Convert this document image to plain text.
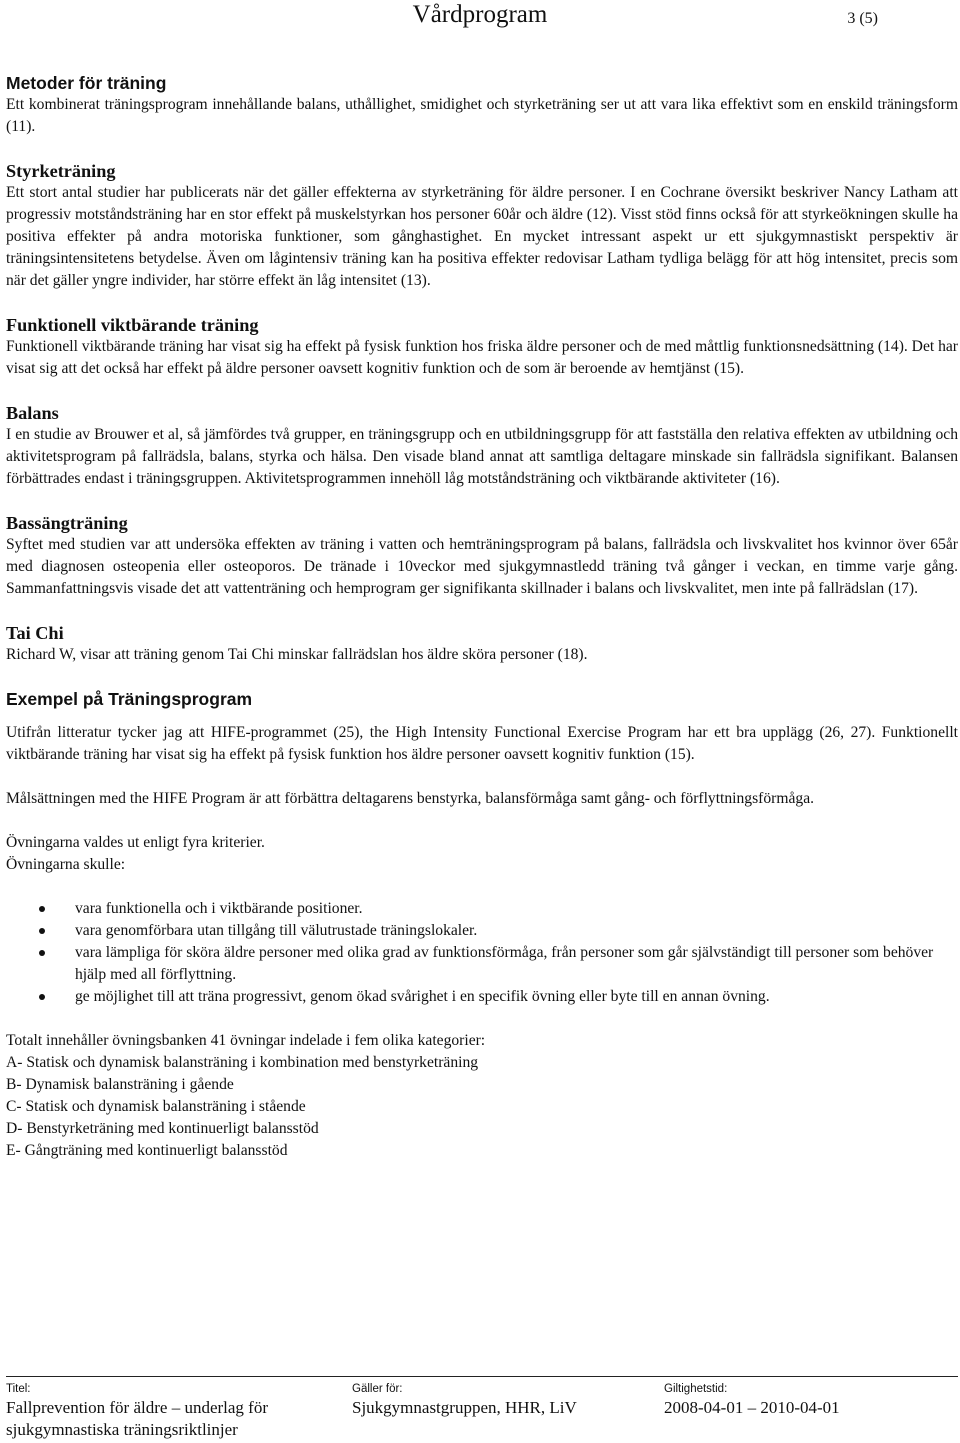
Vårdprogram	3 (5)
Metoder för träning

Ett kombinerat träningsprogram innehållande balans, uthållighet, smidighet och styrketräning ser ut att vara lika effektivt som en enskild träningsform (11).

Styrketräning

Ett stort antal studier har publicerats när det gäller effekterna av styrketräning för äldre personer. I en Cochrane översikt beskriver Nancy Latham att progressiv motståndsträning har en stor effekt på muskelstyrkan hos personer 60år och äldre (12). Visst stöd finns också för att styrkeökningen skulle ha positiva effekter på andra motoriska funktioner, som gånghastighet. En mycket intressant aspekt ur ett sjukgymnastiskt perspektiv är träningsintensitetens betydelse. Även om lågintensiv träning kan ha positiva effekter redovisar Latham tydliga belägg för att hög intensitet, precis som när det gäller yngre individer, har större effekt än låg intensitet (13).

Funktionell viktbärande träning

Funktionell viktbärande träning har visat sig ha effekt på fysisk funktion hos friska äldre personer och de med måttlig funktionsnedsättning (14). Det har visat sig att det också har effekt på äldre personer oavsett kognitiv funktion och de som är beroende av hemtjänst (15).

Balans

I en studie av Brouwer et al, så jämfördes två grupper, en träningsgrupp och en utbildningsgrupp för att fastställa den relativa effekten av utbildning och aktivitetsprogram på fallrädsla, balans, styrka och hälsa. Den visade bland annat att samtliga deltagare minskade sin fallrädsla signifikant. Balansen förbättrades endast i träningsgruppen. Aktivitetsprogrammen innehöll låg motståndsträning och viktbärande aktiviteter (16).

Bassängträning

Syftet med studien var att undersöka effekten av träning i vatten och hemträningsprogram på balans, fallrädsla och livskvalitet hos kvinnor över 65år med diagnosen osteopenia eller osteoporos. De tränade i 10veckor med sjukgymnastledd träning två gånger i veckan, en timme varje gång. Sammanfattningsvis visade det att vattenträning och hemprogram ger signifikanta skillnader i balans och livskvalitet, men inte på fallrädslan (17).

Tai Chi

Richard W, visar att träning genom Tai Chi minskar fallrädslan hos äldre sköra personer (18).

Exempel på Träningsprogram

Utifrån litteratur tycker jag att HIFE-programmet (25), the High Intensity Functional Exercise Program har ett bra upplägg (26, 27). Funktionellt viktbärande träning har visat sig ha effekt på fysisk funktion hos äldre personer oavsett kognitiv funktion (15).

Målsättningen med the HIFE Program är att förbättra deltagarens benstyrka, balansförmåga samt gång- och förflyttningsförmåga.

Övningarna valdes ut enligt fyra kriterier.
Övningarna skulle:
vara funktionella och i viktbärande positioner.
vara genomförbara utan tillgång till välutrustade träningslokaler.
vara lämpliga för sköra äldre personer med olika grad av funktionsförmåga, från personer som går självständigt till personer som behöver hjälp med all förflyttning.
ge möjlighet till att träna progressivt, genom ökad svårighet i en specifik övning eller byte till en annan övning.
Totalt innehåller övningsbanken 41 övningar indelade i fem olika kategorier:
A- Statisk och dynamisk balansträning i kombination med benstyrketräning
B- Dynamisk balansträning i gående
C- Statisk och dynamisk balansträning i stående
D- Benstyrketräning med kontinuerligt balansstöd
E- Gångträning med kontinuerligt balansstöd
Titel:
Fallprevention för äldre – underlag för sjukgymnastiska träningsriktlinjer
Gäller för:
Sjukgymnastgruppen, HHR, LiV
Giltighetstid:
2008-04-01 – 2010-04-01
